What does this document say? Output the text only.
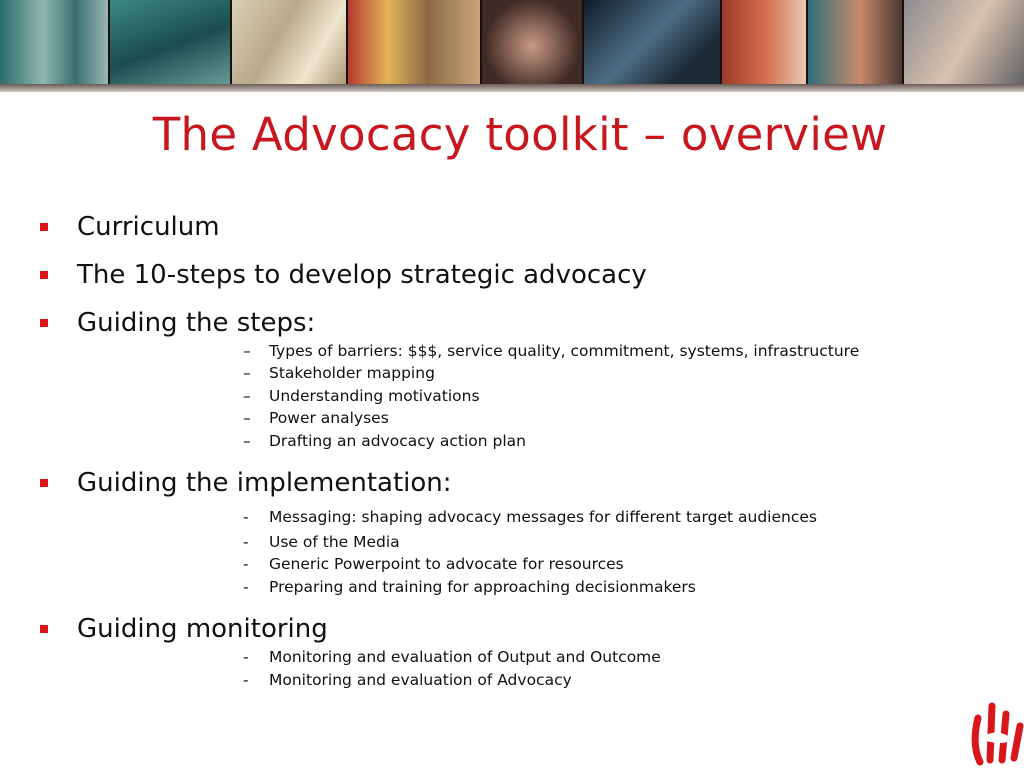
The Advocacy toolkit – overview
Curriculum
The 10-steps to develop strategic advocacy
Guiding the steps:
–	Types of barriers: $$$, service quality, commitment, systems, infrastructure
–	Stakeholder mapping
–	Understanding motivations
–	Power analyses
–	Drafting an advocacy action plan
Guiding the implementation:
-	Messaging: shaping advocacy messages for different target audiences
-	Use of the Media
-	Generic Powerpoint to advocate for resources
-	Preparing and training for approaching decisionmakers
Guiding monitoring
-	Monitoring and evaluation of Output and Outcome
-	Monitoring and evaluation of Advocacy
